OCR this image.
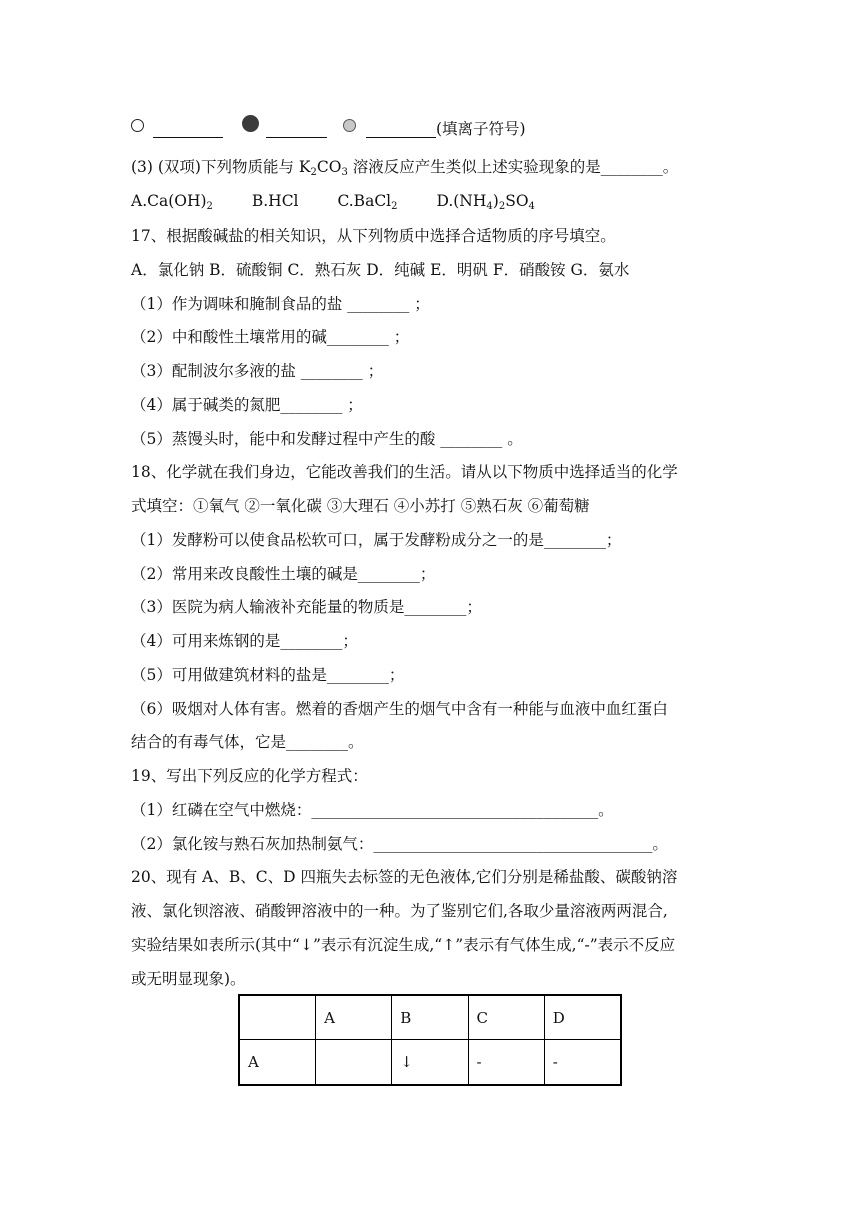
(填离子符号)
(3) (双项)下列物质能与 $K_2CO_3$ 溶液反应产生类似上述实验现象的是________。
$A.Ca(OH)_2$	B.HCl	C.BaCl$_2$	$D.(NH_4)_2SO_4$
17、根据酸碱盐的相关知识，从下列物质中选择合适物质的序号填空。
A．氯化钠 B．硫酸铜 C．熟石灰 D．纯碱 E．明矾 F．硝酸铵 G．氨水
（1）作为调味和腌制食品的盐 ________ ；
（2）中和酸性土壤常用的碱________ ；
（3）配制波尔多液的盐 ________ ；
（4）属于碱类的氮肥________ ；
（5）蒸馒头时，能中和发酵过程中产生的酸 ________ 。
18、化学就在我们身边，它能改善我们的生活。请从以下物质中选择适当的化学
式填空：①氧气 ②一氧化碳 ③大理石 ④小苏打 ⑤熟石灰 ⑥葡萄糖
（1）发酵粉可以使食品松软可口，属于发酵粉成分之一的是________；
（2）常用来改良酸性土壤的碱是________；
（3）医院为病人输液补充能量的物质是________；
（4）可用来炼钢的是________；
（5）可用做建筑材料的盐是________；
（6）吸烟对人体有害。燃着的香烟产生的烟气中含有一种能与血液中血红蛋白
结合的有毒气体，它是________。
19、写出下列反应的化学方程式：
（1）红磷在空气中燃烧：_____________________________________。
（2）氯化铵与熟石灰加热制氨气：____________________________________。
20、现有 A、B、C、D 四瓶失去标签的无色液体,它们分别是稀盐酸、碳酸钠溶
液、氯化钡溶液、硝酸钾溶液中的一种。为了鉴别它们,各取少量溶液两两混合,
实验结果如表所示(其中“↓”表示有沉淀生成,“↑”表示有气体生成,“-”表示不反应
或无明显现象)。
	A	B	C	D
A		↓	-	-
